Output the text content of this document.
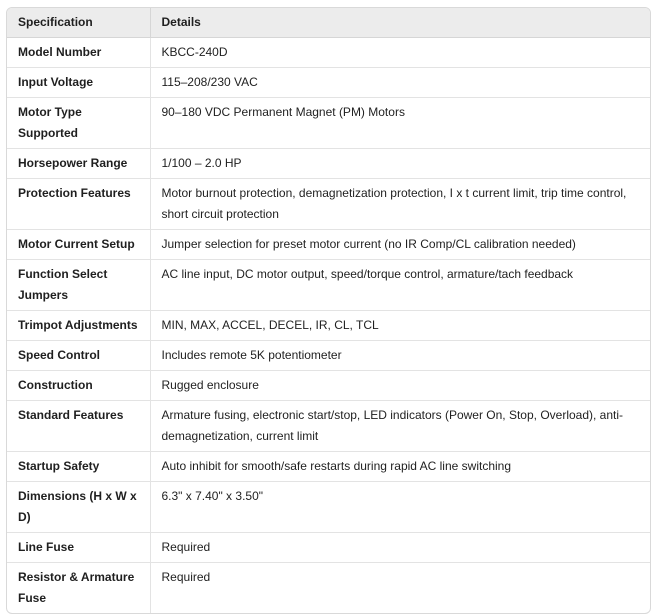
Specification	Details
Model Number	KBCC-240D
Input Voltage	115–208/230 VAC
Motor Type Supported	90–180 VDC Permanent Magnet (PM) Motors
Horsepower Range	1/100 – 2.0 HP
Protection Features	Motor burnout protection, demagnetization protection, I x t current limit, trip time control, short circuit protection
Motor Current Setup	Jumper selection for preset motor current (no IR Comp/CL calibration needed)
Function Select Jumpers	AC line input, DC motor output, speed/torque control, armature/tach feedback
Trimpot Adjustments	MIN, MAX, ACCEL, DECEL, IR, CL, TCL
Speed Control	Includes remote 5K potentiometer
Construction	Rugged enclosure
Standard Features	Armature fusing, electronic start/stop, LED indicators (Power On, Stop, Overload), anti-demagnetization, current limit
Startup Safety	Auto inhibit for smooth/safe restarts during rapid AC line switching
Dimensions (H x W x D)	6.3" x 7.40" x 3.50"
Line Fuse	Required
Resistor & Armature Fuse	Required
